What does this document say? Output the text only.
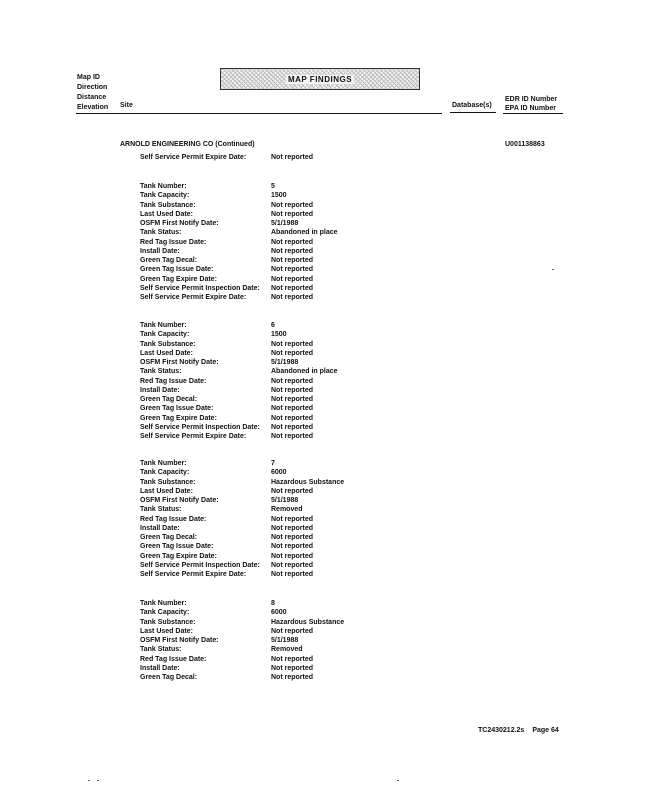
Map ID
Direction
Distance
Elevation Site
MAP FINDINGS
Database(s)
EDR ID Number
EPA ID Number
ARNOLD ENGINEERING CO (Continued)	U001138863
Self Service Permit Expire Date:	Not reported
Tank Number:	5
Tank Capacity:	1500
Tank Substance:	Not reported
Last Used Date:	Not reported
OSFM First Notify Date:	5/1/1988
Tank Status:	Abandoned in place
Red Tag Issue Date:	Not reported
Install Date:	Not reported
Green Tag Decal:	Not reported
Green Tag Issue Date:	Not reported
Green Tag Expire Date:	Not reported
Self Service Permit Inspection Date: Not reported
Self Service Permit Expire Date:	Not reported
Tank Number:	6
Tank Capacity:	1500
Tank Substance:	Not reported
Last Used Date:	Not reported
OSFM First Notify Date:	5/1/1988
Tank Status:	Abandoned in place
Red Tag Issue Date:	Not reported
Install Date:	Not reported
Green Tag Decal:	Not reported
Green Tag Issue Date:	Not reported
Green Tag Expire Date:	Not reported
Self Service Permit Inspection Date: Not reported
Self Service Permit Expire Date:	Not reported
Tank Number:	7
Tank Capacity:	6000
Tank Substance:	Hazardous Substance
Last Used Date:	Not reported
OSFM First Notify Date:	5/1/1988
Tank Status:	Removed
Red Tag Issue Date:	Not reported
Install Date:	Not reported
Green Tag Decal:	Not reported
Green Tag Issue Date:	Not reported
Green Tag Expire Date:	Not reported
Self Service Permit Inspection Date: Not reported
Self Service Permit Expire Date:	Not reported
Tank Number:	8
Tank Capacity:	6000
Tank Substance:	Hazardous Substance
Last Used Date:	Not reported
OSFM First Notify Date:	5/1/1988
Tank Status:	Removed
Red Tag Issue Date:	Not reported
Install Date:	Not reported
Green Tag Decal:	Not reported
TC2430212.2s Page 64
